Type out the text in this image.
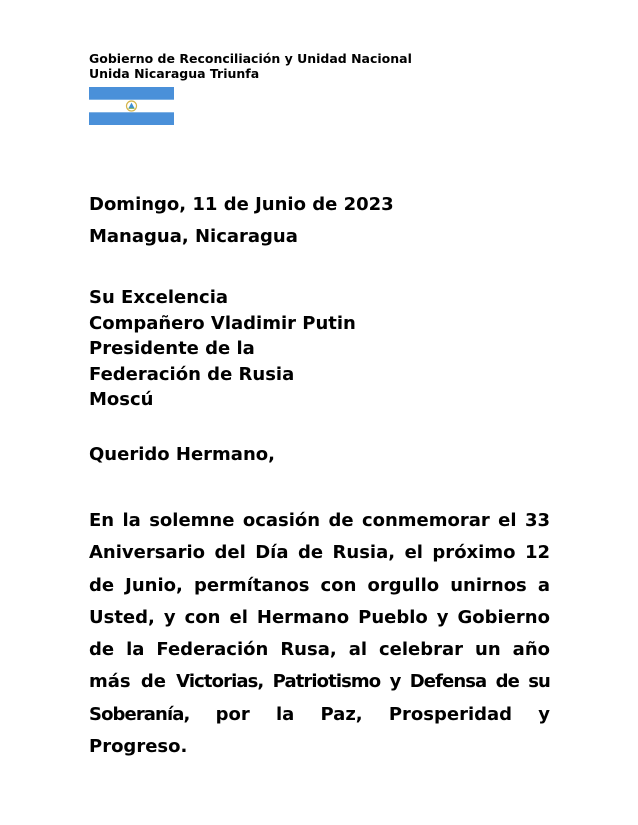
Gobierno de Reconciliación y Unidad Nacional
Unida Nicaragua Triunfa
Domingo, 11 de Junio de 2023
Managua, Nicaragua
Su Excelencia
Compañero Vladimir Putin
Presidente de la
Federación de Rusia
Moscú
Querido Hermano,
En la solemne ocasión de conmemorar el 33 Aniversario del Día de Rusia, el próximo 12 de Junio, permítanos con orgullo unirnos a Usted, y con el Hermano Pueblo y Gobierno de la Federación Rusa, al celebrar un año más de Victorias, Patriotismo y Defensa de su Soberanía, por la Paz, Prosperidad y Progreso.
